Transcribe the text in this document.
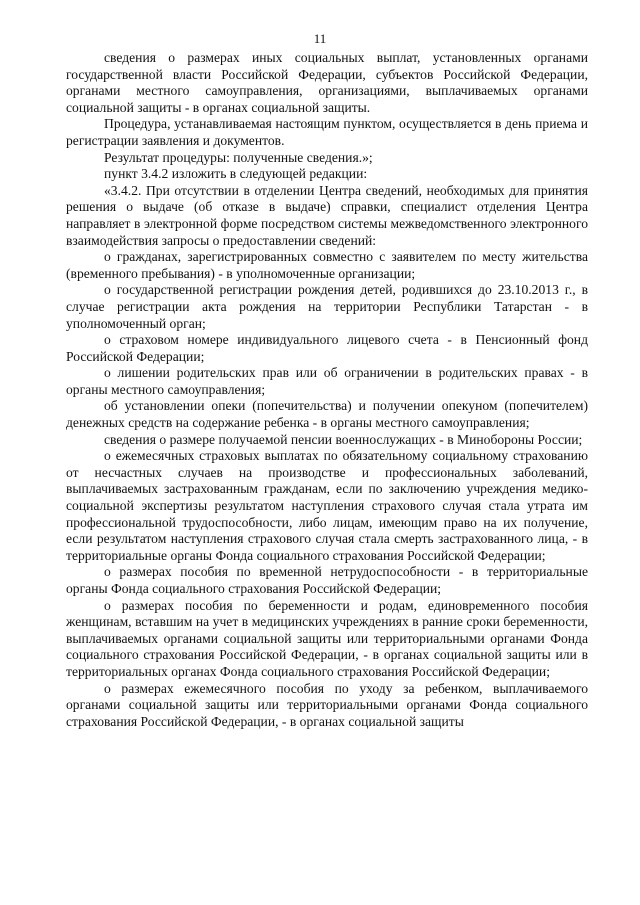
11

сведения о размерах иных социальных выплат, установленных органами государственной власти Российской Федерации, субъектов Российской Федерации, органами местного самоуправления, организациями, выплачиваемых органами социальной защиты - в органах социальной защиты.

Процедура, устанавливаемая настоящим пунктом, осуществляется в день приема и регистрации заявления и документов.

Результат процедуры: полученные сведения.»;

пункт 3.4.2 изложить в следующей редакции:

«3.4.2. При отсутствии в отделении Центра сведений, необходимых для принятия решения о выдаче (об отказе в выдаче) справки, специалист отделения Центра направляет в электронной форме посредством системы межведомственного электронного взаимодействия запросы о предоставлении сведений:

о гражданах, зарегистрированных совместно с заявителем по месту жительства (временного пребывания) - в уполномоченные организации;

о государственной регистрации рождения детей, родившихся до 23.10.2013 г., в случае регистрации акта рождения на территории Республики Татарстан - в уполномоченный орган;

о страховом номере индивидуального лицевого счета - в Пенсионный фонд Российской Федерации;

о лишении родительских прав или об ограничении в родительских правах - в органы местного самоуправления;

об установлении опеки (попечительства) и получении опекуном (попечителем) денежных средств на содержание ребенка - в органы местного самоуправления;

сведения о размере получаемой пенсии военнослужащих - в Минобороны России;

о ежемесячных страховых выплатах по обязательному социальному страхованию от несчастных случаев на производстве и профессиональных заболеваний, выплачиваемых застрахованным гражданам, если по заключению учреждения медико-социальной экспертизы результатом наступления страхового случая стала утрата им профессиональной трудоспособности, либо лицам, имеющим право на их получение, если результатом наступления страхового случая стала смерть застрахованного лица, - в территориальные органы Фонда социального страхования Российской Федерации;

о размерах пособия по временной нетрудоспособности - в территориальные органы Фонда социального страхования Российской Федерации;

о размерах пособия по беременности и родам, единовременного пособия женщинам, вставшим на учет в медицинских учреждениях в ранние сроки беременности, выплачиваемых органами социальной защиты или территориальными органами Фонда социального страхования Российской Федерации, - в органах социальной защиты или в территориальных органах Фонда социального страхования Российской Федерации;

о размерах ежемесячного пособия по уходу за ребенком, выплачиваемого органами социальной защиты или территориальными органами Фонда социального страхования Российской Федерации, - в органах социальной защиты
